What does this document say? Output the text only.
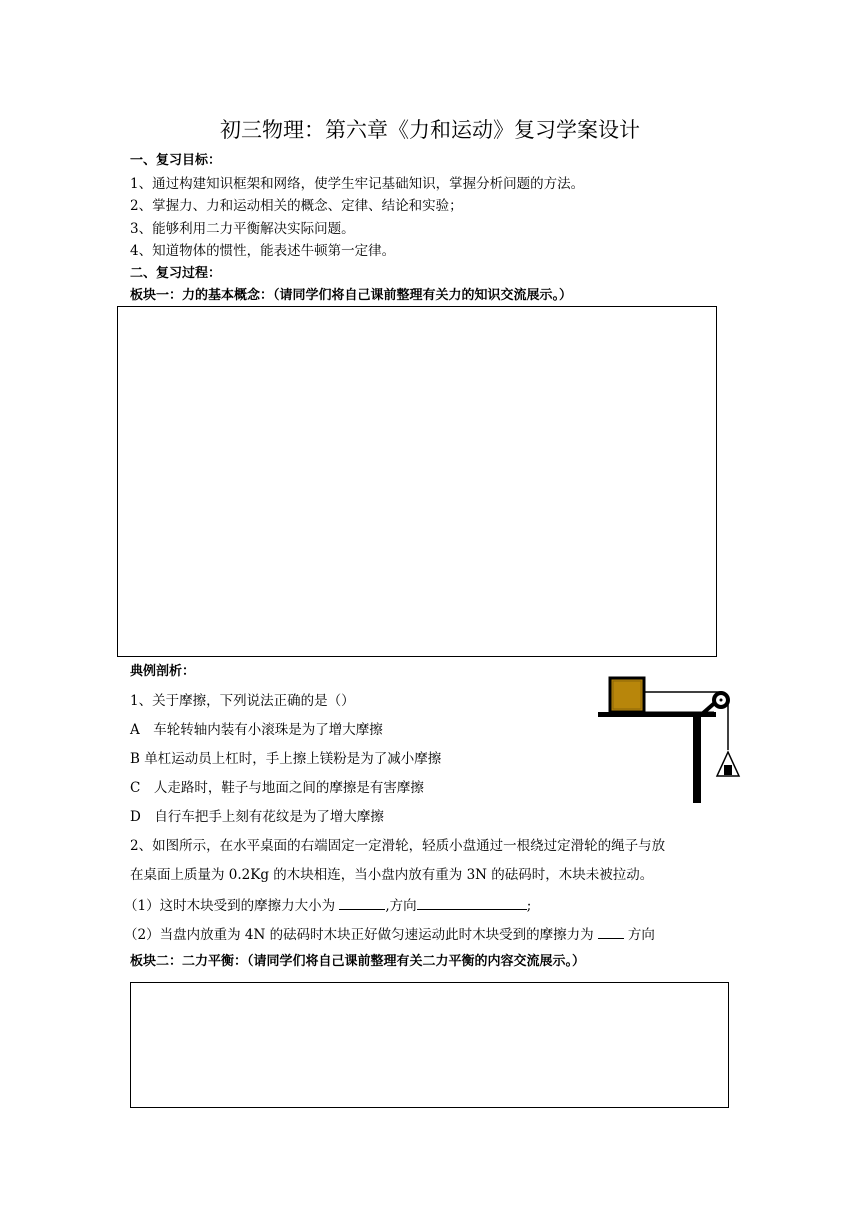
初三物理：第六章《力和运动》复习学案设计
一、复习目标：
1、通过构建知识框架和网络，使学生牢记基础知识，掌握分析问题的方法。
2、掌握力、力和运动相关的概念、定律、结论和实验；
3、能够利用二力平衡解决实际问题。
4、知道物体的惯性，能表述牛顿第一定律。
二、复习过程：
板块一：力的基本概念：（请同学们将自己课前整理有关力的知识交流展示。）
典例剖析：
1、关于摩擦，下列说法正确的是（）
A　车轮转轴内装有小滚珠是为了增大摩擦
B 单杠运动员上杠时，手上擦上镁粉是为了减小摩擦
C　人走路时，鞋子与地面之间的摩擦是有害摩擦
D　自行车把手上刻有花纹是为了增大摩擦
2、如图所示，在水平桌面的右端固定一定滑轮，轻质小盘通过一根绕过定滑轮的绳子与放
在桌面上质量为 0.2Kg 的木块相连，当小盘内放有重为 3N 的砝码时，木块未被拉动。
（1）这时木块受到的摩擦力大小为	,方向	;
（2）当盘内放重为 4N 的砝码时木块正好做匀速运动此时木块受到的摩擦力为 方向
板块二：二力平衡：（请同学们将自己课前整理有关二力平衡的内容交流展示。）
